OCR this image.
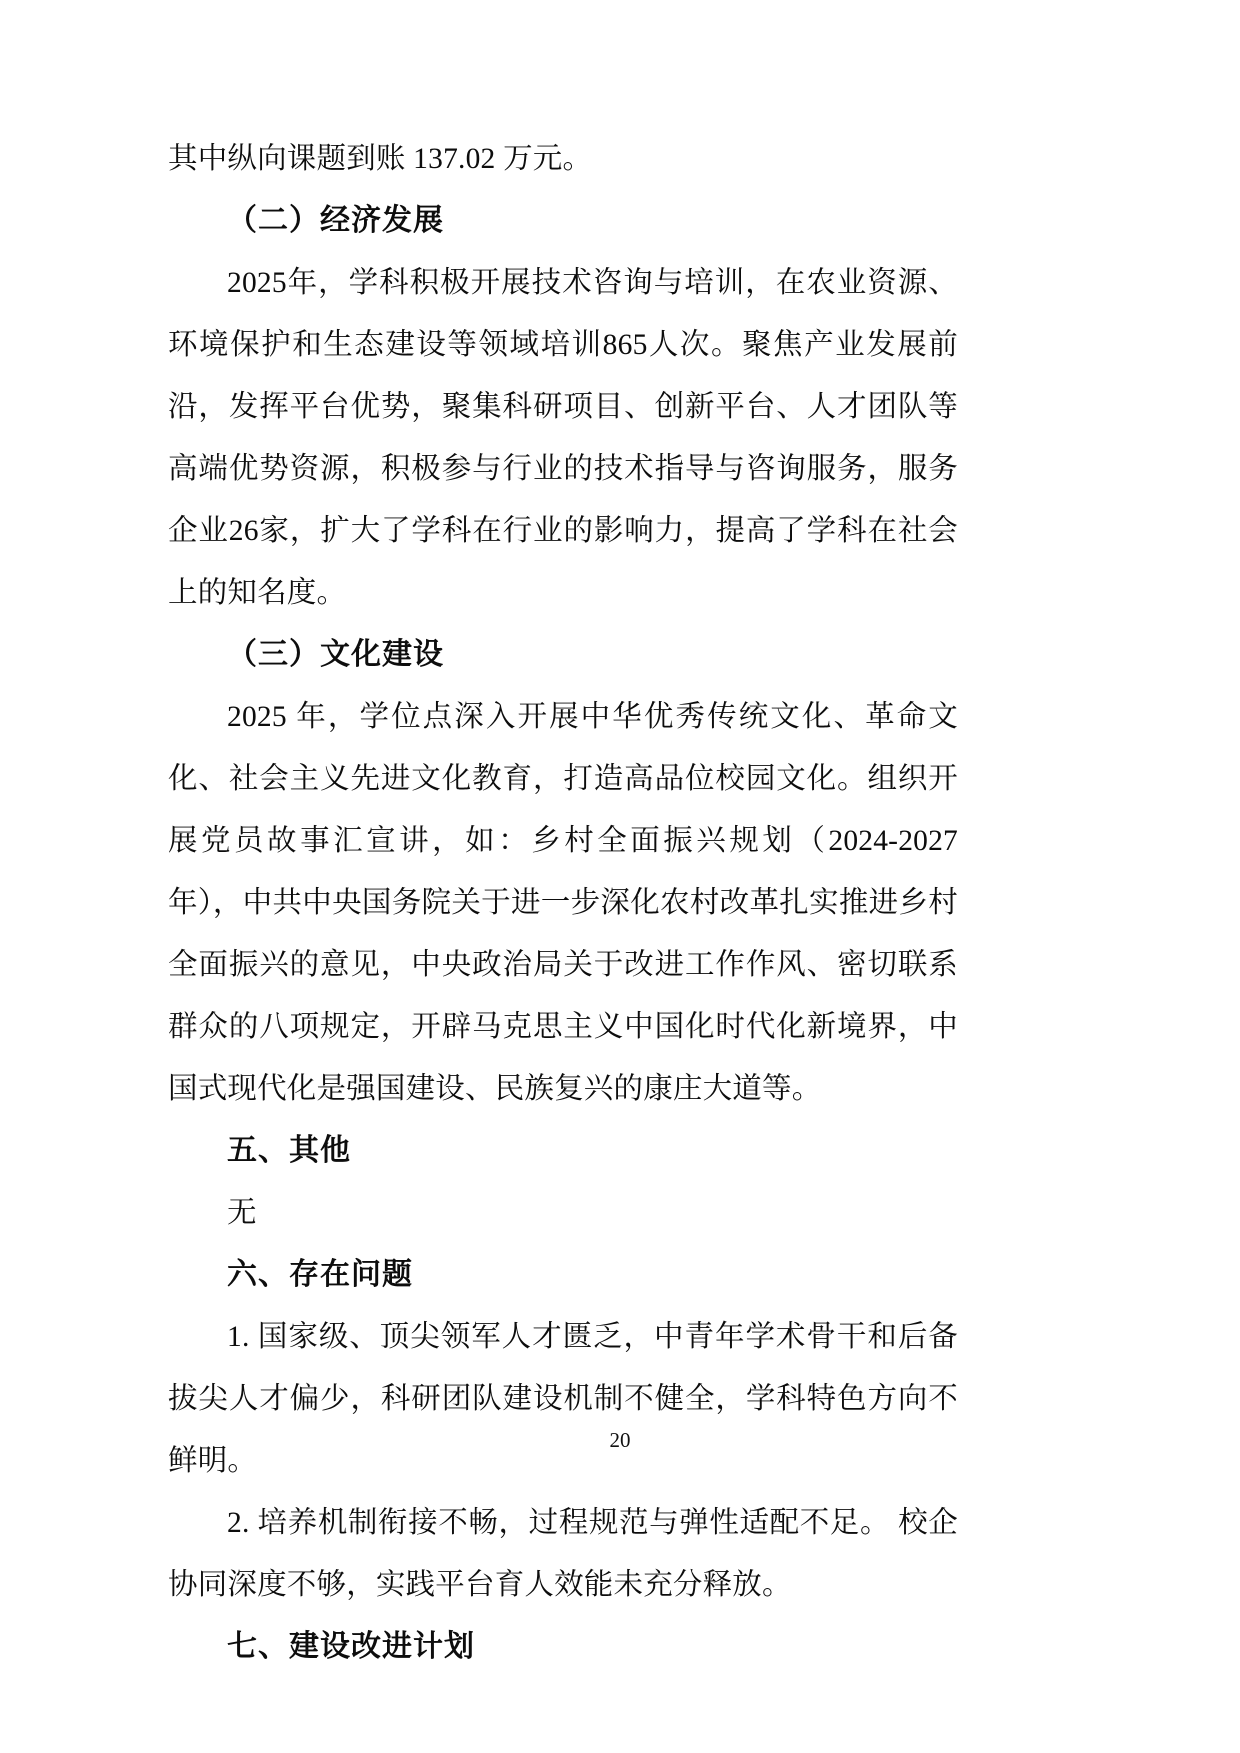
其中纵向课题到账 137.02 万元。

（二）经济发展

2025年，学科积极开展技术咨询与培训，在农业资源、环境保护和生态建设等领域培训865人次。聚焦产业发展前沿，发挥平台优势，聚集科研项目、创新平台、人才团队等高端优势资源，积极参与行业的技术指导与咨询服务，服务企业26家，扩大了学科在行业的影响力，提高了学科在社会上的知名度。

（三）文化建设

2025 年，学位点深入开展中华优秀传统文化、革命文化、社会主义先进文化教育，打造高品位校园文化。组织开展党员故事汇宣讲，如：乡村全面振兴规划（2024-2027 年），中共中央国务院关于进一步深化农村改革扎实推进乡村全面振兴的意见，中央政治局关于改进工作作风、密切联系群众的八项规定，开辟马克思主义中国化时代化新境界，中国式现代化是强国建设、民族复兴的康庄大道等。

五、其他

无

六、存在问题

1. 国家级、顶尖领军人才匮乏，中青年学术骨干和后备拔尖人才偏少，科研团队建设机制不健全，学科特色方向不鲜明。

2. 培养机制衔接不畅，过程规范与弹性适配不足。 校企协同深度不够，实践平台育人效能未充分释放。

七、建设改进计划
20
